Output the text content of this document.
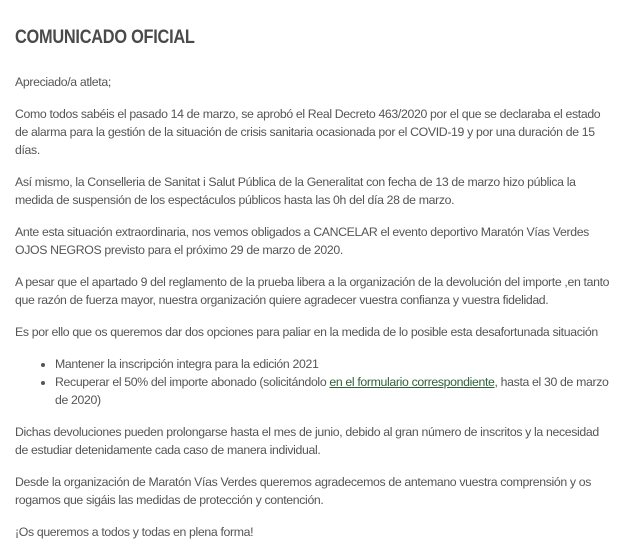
COMUNICADO OFICIAL

Apreciado/a atleta;

Como todos sabéis el pasado 14 de marzo, se aprobó el Real Decreto 463/2020 por el que se declaraba el estado de alarma para la gestión de la situación de crisis sanitaria ocasionada por el COVID-19 y por una duración de 15 días.

Así mismo, la Conselleria de Sanitat i Salut Pública de la Generalitat con fecha de 13 de marzo hizo pública la medida de suspensión de los espectáculos públicos hasta las 0h del día 28 de marzo.

Ante esta situación extraordinaria, nos vemos obligados a CANCELAR el evento deportivo Maratón Vías Verdes OJOS NEGROS previsto para el próximo 29 de marzo de 2020.

A pesar que el apartado 9 del reglamento de la prueba libera a la organización de la devolución del importe ,en tanto que razón de fuerza mayor, nuestra organización quiere agradecer vuestra confianza y vuestra fidelidad.

Es por ello que os queremos dar dos opciones para paliar en la medida de lo posible esta desafortunada situación

• Mantener la inscripción integra para la edición 2021
• Recuperar el 50% del importe abonado (solicitándolo en el formulario correspondiente, hasta el 30 de marzo de 2020)

Dichas devoluciones pueden prolongarse hasta el mes de junio, debido al gran número de inscritos y la necesidad de estudiar detenidamente cada caso de manera individual.

Desde la organización de Maratón Vías Verdes queremos agradecemos de antemano vuestra comprensión y os rogamos que sigáis las medidas de protección y contención.

¡Os queremos a todos y todas en plena forma!
